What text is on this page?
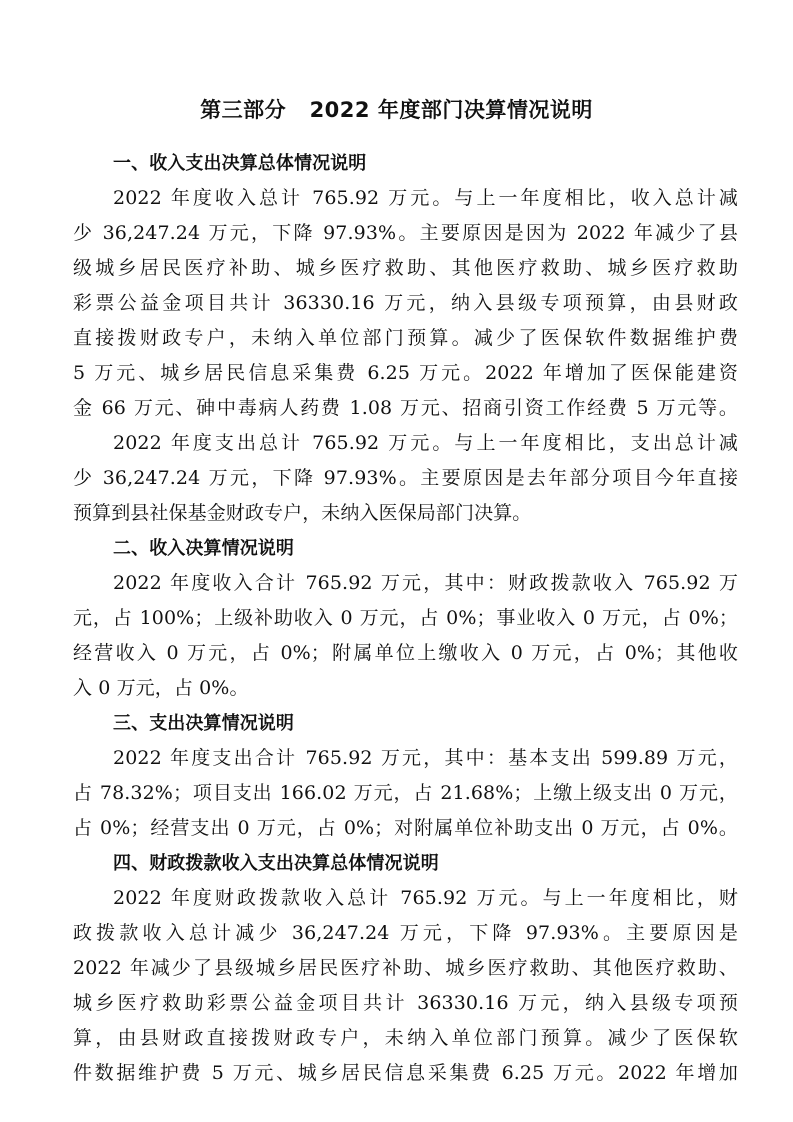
第三部分   2022 年度部门决算情况说明
一、收入支出决算总体情况说明
2022 年度收入总计 765.92 万元。与上一年度相比，收入总计减
少 36,247.24 万元，下降 97.93%。主要原因是因为 2022 年减少了县
级城乡居民医疗补助、城乡医疗救助、其他医疗救助、城乡医疗救助
彩票公益金项目共计 36330.16 万元，纳入县级专项预算，由县财政
直接拨财政专户，未纳入单位部门预算。减少了医保软件数据维护费
5 万元、城乡居民信息采集费 6.25 万元。2022 年增加了医保能建资
金 66 万元、砷中毒病人药费 1.08 万元、招商引资工作经费 5 万元等。
2022 年度支出总计 765.92 万元。与上一年度相比，支出总计减
少 36,247.24 万元，下降 97.93%。主要原因是去年部分项目今年直接
预算到县社保基金财政专户，未纳入医保局部门决算。
二、收入决算情况说明
2022 年度收入合计 765.92 万元，其中：财政拨款收入 765.92 万
元，占 100%；上级补助收入 0 万元，占 0%；事业收入 0 万元，占 0%；
经营收入 0 万元，占 0%；附属单位上缴收入 0 万元，占 0%；其他收
入 0 万元，占 0%。
三、支出决算情况说明
2022 年度支出合计 765.92 万元，其中：基本支出 599.89 万元，
占 78.32%；项目支出 166.02 万元，占 21.68%；上缴上级支出 0 万元，
占 0%；经营支出 0 万元，占 0%；对附属单位补助支出 0 万元，占 0%。
四、财政拨款收入支出决算总体情况说明
2022 年度财政拨款收入总计 765.92 万元。与上一年度相比，财
政拨款收入总计减少 36,247.24 万元，下降 97.93%。主要原因是
2022 年减少了县级城乡居民医疗补助、城乡医疗救助、其他医疗救助、
城乡医疗救助彩票公益金项目共计 36330.16 万元，纳入县级专项预
算，由县财政直接拨财政专户，未纳入单位部门预算。减少了医保软
件数据维护费 5 万元、城乡居民信息采集费 6.25 万元。2022 年增加
